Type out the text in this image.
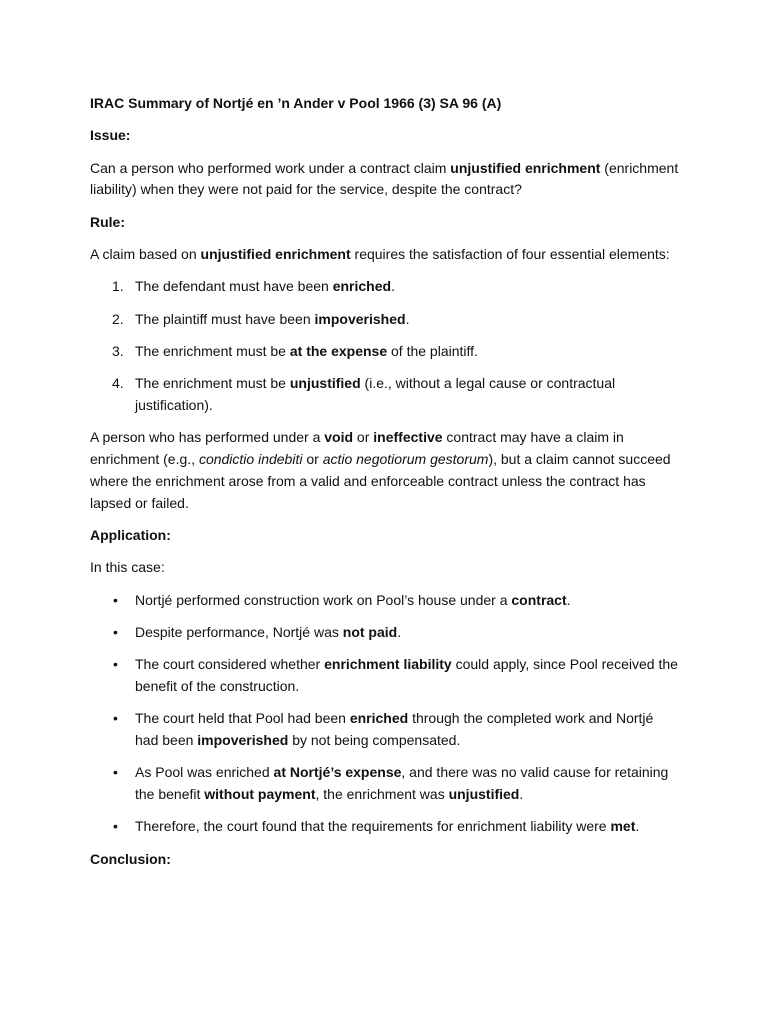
IRAC Summary of Nortjé en ’n Ander v Pool 1966 (3) SA 96 (A)

Issue:

Can a person who performed work under a contract claim unjustified enrichment (enrichment liability) when they were not paid for the service, despite the contract?

Rule:

A claim based on unjustified enrichment requires the satisfaction of four essential elements:

1. The defendant must have been enriched.
2. The plaintiff must have been impoverished.
3. The enrichment must be at the expense of the plaintiff.
4. The enrichment must be unjustified (i.e., without a legal cause or contractual justification).

A person who has performed under a void or ineffective contract may have a claim in enrichment (e.g., condictio indebiti or actio negotiorum gestorum), but a claim cannot succeed where the enrichment arose from a valid and enforceable contract unless the contract has lapsed or failed.

Application:

In this case:

• Nortjé performed construction work on Pool’s house under a contract.
• Despite performance, Nortjé was not paid.
• The court considered whether enrichment liability could apply, since Pool received the benefit of the construction.
• The court held that Pool had been enriched through the completed work and Nortjé had been impoverished by not being compensated.
• As Pool was enriched at Nortjé’s expense, and there was no valid cause for retaining the benefit without payment, the enrichment was unjustified.
• Therefore, the court found that the requirements for enrichment liability were met.

Conclusion:
